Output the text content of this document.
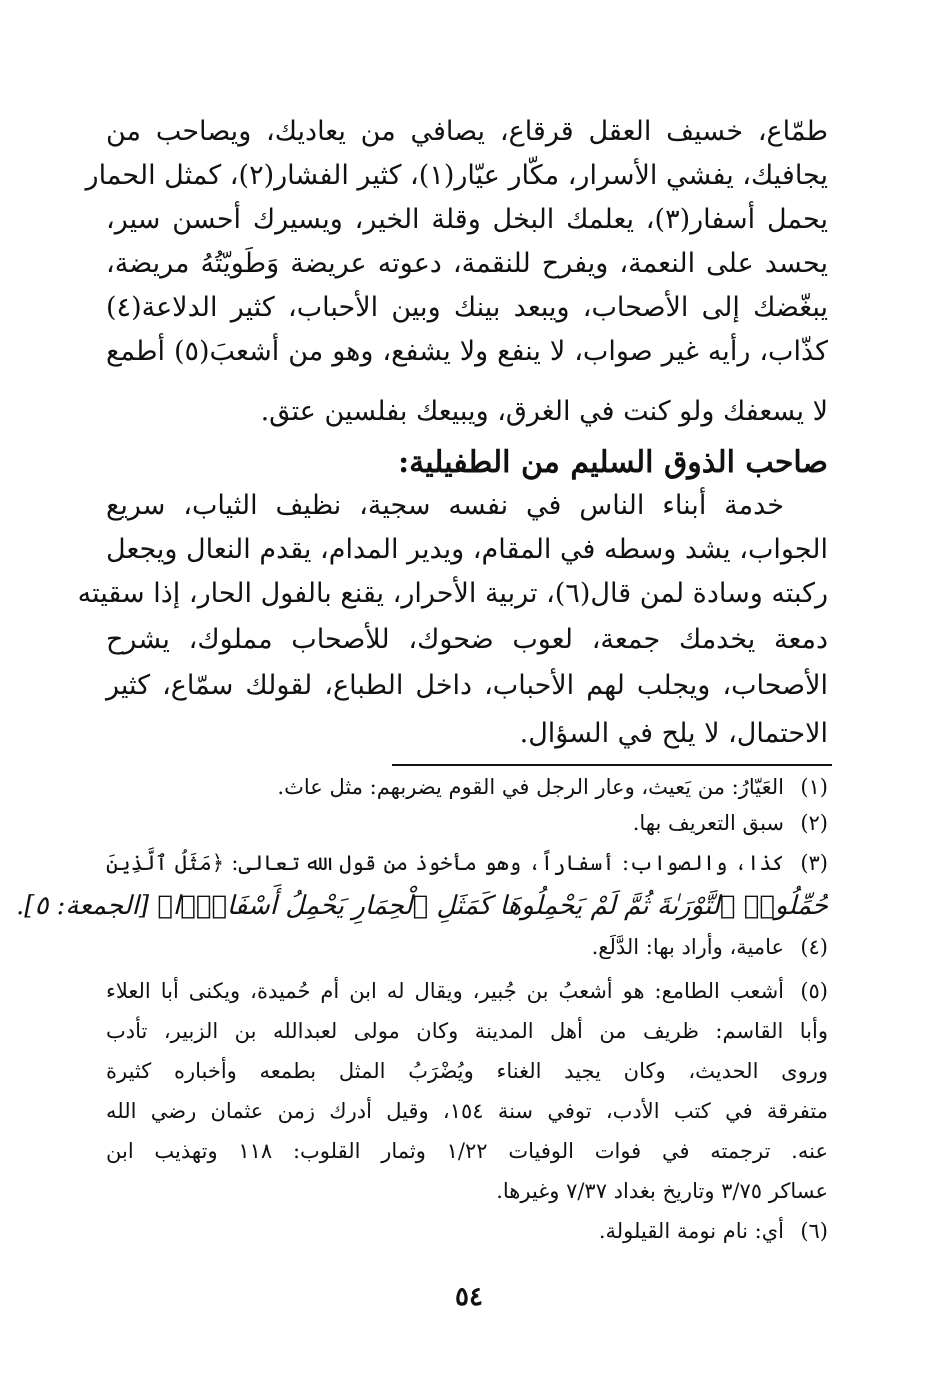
طمّاع، خسيف العقل قرقاع، يصافي من يعاديك، ويصاحب من

يجافيك، يفشي الأسرار، مكّار عيّار(١)، كثير الفشار(٢)، كمثل الحمار

يحمل أسفار(٣)، يعلمك البخل وقلة الخير، ويسيرك أحسن سير،

يحسد على النعمة، ويفرح للنقمة، دعوته عريضة وَطَويّتُهُ مريضة،

يبغّضك إلى الأصحاب، ويبعد بينك وبين الأحباب، كثير الدلاعة(٤)

كذّاب، رأيه غير صواب، لا ينفع ولا يشفع، وهو من أشعبَ(٥) أطمع

لا يسعفك ولو كنت في الغرق، ويبيعك بفلسين عتق.

صاحب الذوق السليم من الطفيلية:

خدمة أبناء الناس في نفسه سجية، نظيف الثياب، سريع

الجواب، يشد وسطه في المقام، ويدير المدام، يقدم النعال ويجعل

ركبته وسادة لمن قال(٦)، تربية الأحرار، يقنع بالفول الحار، إذا سقيته

دمعة يخدمك جمعة، لعوب ضحوك، للأصحاب مملوك، يشرح

الأصحاب، ويجلب لهم الأحباب، داخل الطباع، لقولك سمّاع، كثير

الاحتمال، لا يلح في السؤال.

(١)العَيّارُ: من يَعيث، وعار الرجل في القوم يضربهم: مثل عاث.
(٢)سبق التعريف بها.
(٣)كذا، والصواب: أسفاراً، وهو مأخوذ من قول الله تعالى: ﴿مَثَلُ ٱلَّذِينَ
حُمِّلُوا۟ ٱلتَّوْرَىٰةَ ثُمَّ لَمْ يَحْمِلُوهَا كَمَثَلِ ٱلْحِمَارِ يَحْمِلُ أَسْفَارًۢا﴾ [الجمعة: ٥].
(٤)عامية، وأراد بها: الدَّلَع.
(٥)أشعب الطامع: هو أشعبُ بن جُبير، ويقال له ابن أم حُميدة، ويكنى أبا العلاء
وأبا القاسم: ظريف من أهل المدينة وكان مولى لعبدالله بن الزبير، تأدب
وروى الحديث، وكان يجيد الغناء ويُضْرَبُ المثل بطمعه وأخباره كثيرة
متفرقة في كتب الأدب، توفي سنة ١٥٤، وقيل أدرك زمن عثمان رضي الله
عنه. ترجمته في فوات الوفيات ١/٢٢ وثمار القلوب: ١١٨ وتهذيب ابن
عساكر ٣/٧٥ وتاريخ بغداد ٧/٣٧ وغيرها.
(٦)أي: نام نومة القيلولة.
٥٤
